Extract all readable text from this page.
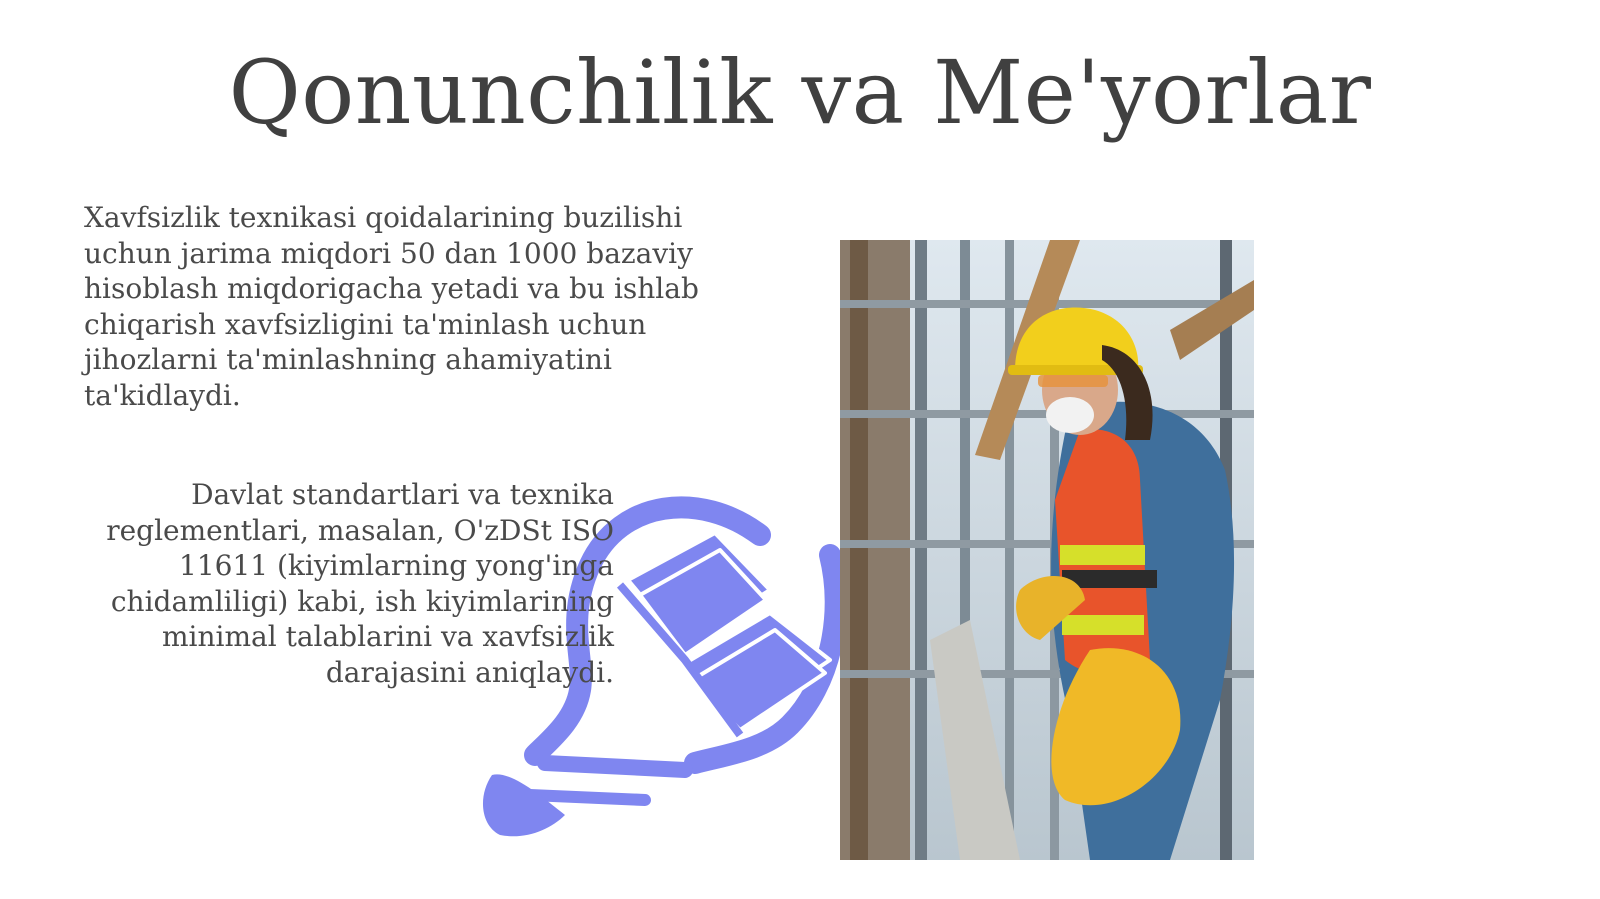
Qonunchilik va Me'yorlar

Xavfsizlik texnikasi qoidalarining buzilishi uchun jarima miqdori 50 dan 1000 bazaviy hisoblash miqdorigacha yetadi va bu ishlab chiqarish xavfsizligini ta'minlash uchun jihozlarni ta'minlashning ahamiyatini ta'kidlaydi.

Davlat standartlari va texnika reglementlari, masalan, O'zDSt ISO 11611 (kiyimlarning yong'inga chidamliligi) kabi, ish kiyimlarining minimal talablarini va xavfsizlik darajasini aniqlaydi.
